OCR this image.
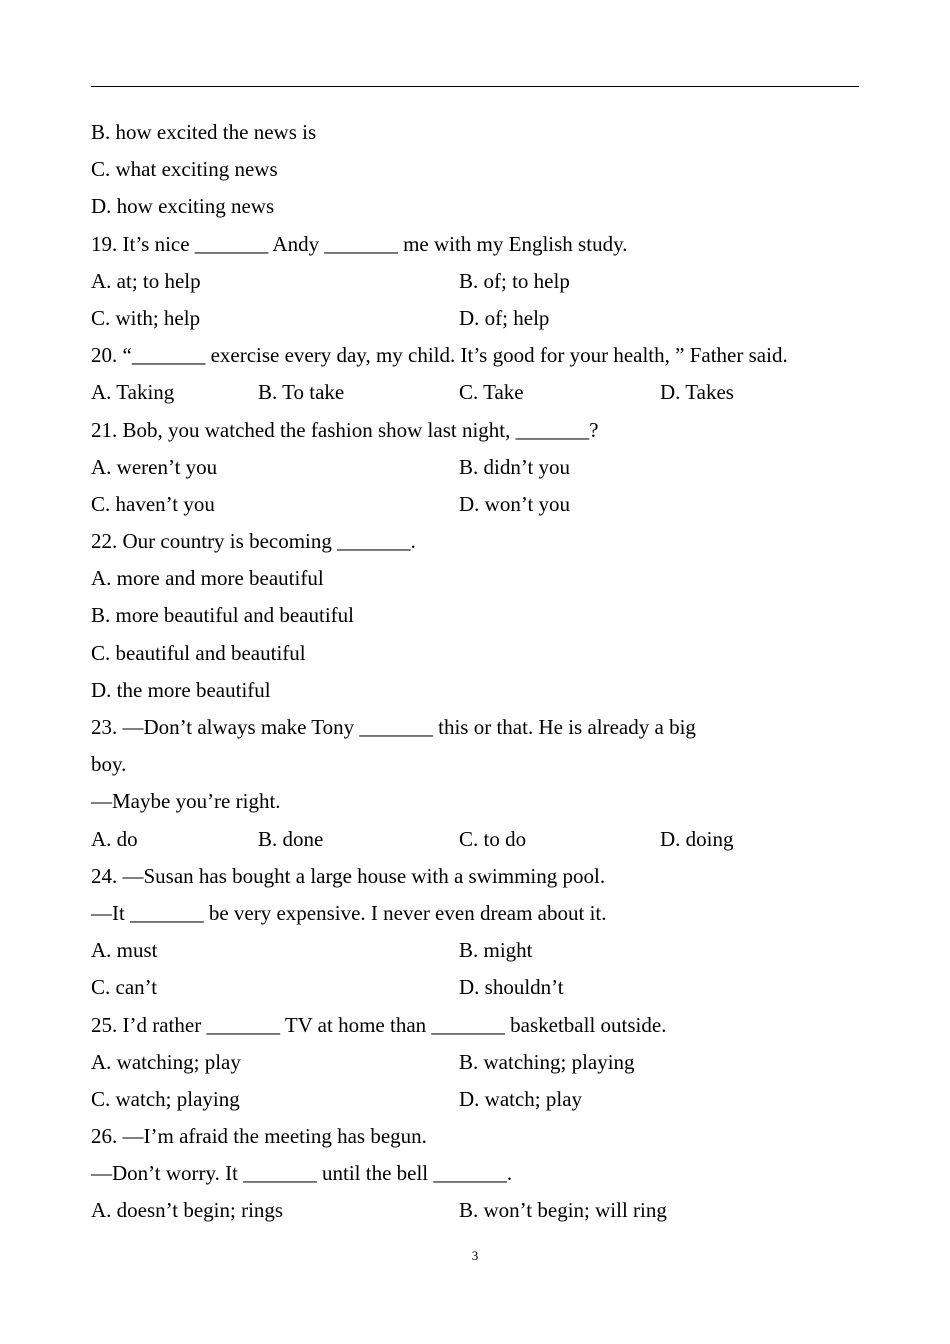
B. how excited the news is
C. what exciting news
D. how exciting news
19. It’s nice _______ Andy _______ me with my English study.
A. at; to help	B. of; to help
C. with; help	D. of; help
20. “_______ exercise every day, my child. It’s good for your health, ” Father said.
A. Taking	B. To take	C. Take	D. Takes
21. Bob, you watched the fashion show last night, _______?
A. weren’t you	B. didn’t you
C. haven’t you	D. won’t you
22. Our country is becoming _______.
A. more and more beautiful
B. more beautiful and beautiful
C. beautiful and beautiful
D. the more beautiful
23. —Don’t always make Tony _______ this or that. He is already a big
boy.
—Maybe you’re right.
A. do	B. done	C. to do	D. doing
24. —Susan has bought a large house with a swimming pool.
—It _______ be very expensive. I never even dream about it.
A. must	B. might
C. can’t	D. shouldn’t
25. I’d rather _______ TV at home than _______ basketball outside.
A. watching; play	B. watching; playing
C. watch; playing	D. watch; play
26. —I’m afraid the meeting has begun.
—Don’t worry. It _______ until the bell _______.
A. doesn’t begin; rings	B. won’t begin; will ring
3
